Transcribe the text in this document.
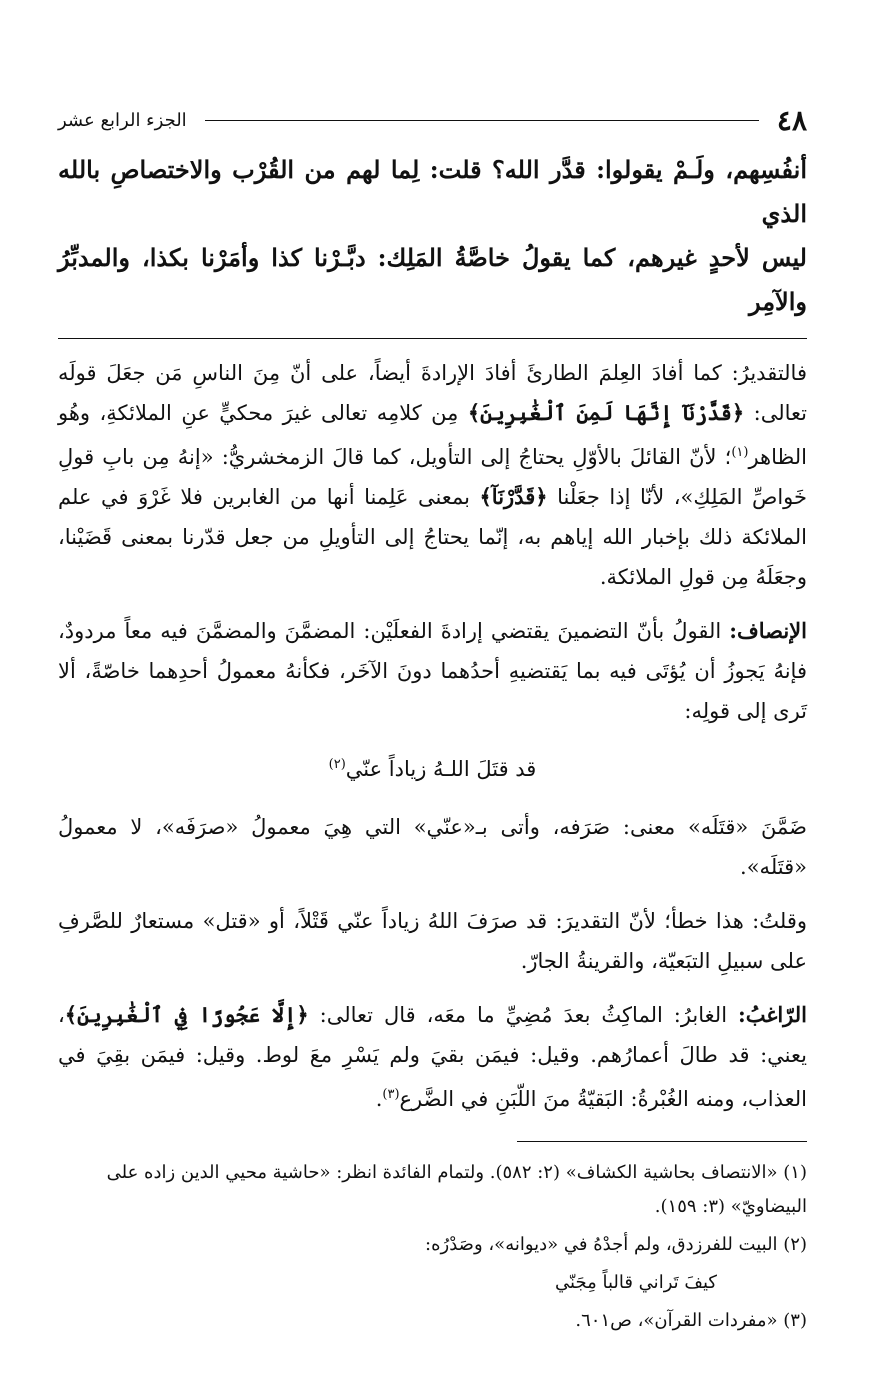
٤٨
الجزء الرابع عشر

أنفُسِهم، ولَـمْ يقولوا: قدَّر الله؟ قلت: لِما لهم من القُرْب والاختصاصِ بالله الذي

ليس لأحدٍ غيرهم، كما يقولُ خاصَّةُ المَلِك: دبَّـرْنا كذا وأمَرْنا بكذا، والمدبِّرُ والآمِر

فالتقديرُ: كما أفادَ العِلمَ الطارئَ أفادَ الإرادةَ أيضاً، على أنّ مِنَ الناسِ مَن جعَلَ قولَه تعالى: ﴿قَدَّرْنَآ إِنَّهَا لَمِنَ ٱلْغَٰبِرِينَ﴾ مِن كلامِه تعالى غيرَ محكيٍّ عنِ الملائكةِ، وهُو الظاهر$^{(١)}$؛ لأنّ القائلَ بالأوّلِ يحتاجُ إلى التأويل، كما قالَ الزمخشريُّ: «إنهُ مِن بابِ قولِ خَواصِّ المَلِكِ»، لأنّا إذا جعَلْنا ﴿قَدَّرْنَآ﴾ بمعنى عَلِمنا أنها من الغابرين فلا غَرْوَ في علم الملائكة ذلك بإخبار الله إياهم به، إنّما يحتاجُ إلى التأويلِ من جعل قدّرنا بمعنى قَضَيْنا، وجعَلَهُ مِن قولِ الملائكة.

الإنصاف: القولُ بأنّ التضمينَ يقتضي إرادةَ الفعلَيْن: المضمَّنَ والمضمَّنَ فيه معاً مردودٌ، فإنهُ يَجوزُ أن يُؤتَى فيه بما يَقتضيهِ أحدُهما دونَ الآخَر، فكأنهُ معمولُ أحدِهما خاصّةً، ألا تَرى إلى قولِه:

قد قتَلَ اللـهُ زياداً عنّي$^{(٢)}$

ضَمَّنَ «قتَلَه» معنى: صَرَفه، وأتى بـ«عنّي» التي هِيَ معمولُ «صرَفَه»، لا معمولُ «قتَلَه».

وقلتُ: هذا خطأ؛ لأنّ التقديرَ: قد صرَفَ اللهُ زياداً عنّي قَتْلاً، أو «قتل» مستعارٌ للصَّرفِ على سبيلِ التبَعيّة، والقرينةُ الجارّ.

الرّاغبُ: الغابرُ: الماكِثُ بعدَ مُضِيِّ ما معَه، قال تعالى: ﴿إِلَّا عَجُوزًا فِي ٱلْغَٰبِرِينَ﴾، يعني: قد طالَ أعمارُهم. وقيل: فيمَن بقيَ ولم يَسْرِ معَ لوط. وقيل: فيمَن بقِيَ في العذاب، ومنه الغُبْرةُ: البَقيّةُ منَ اللّبَنِ في الضَّرع$^{(٣)}$.

(١) «الانتصاف بحاشية الكشاف» (٢: ٥٨٢). ولتمام الفائدة انظر: «حاشية محيي الدين زاده على البيضاويّ» (٣: ١٥٩).

(٢) البيت للفرزدق، ولم أجدْهُ في «ديوانه»، وصَدْرُه:

كيفَ تَراني قالباً مِجَنّي

(٣) «مفردات القرآن»، ص٦٠١.
